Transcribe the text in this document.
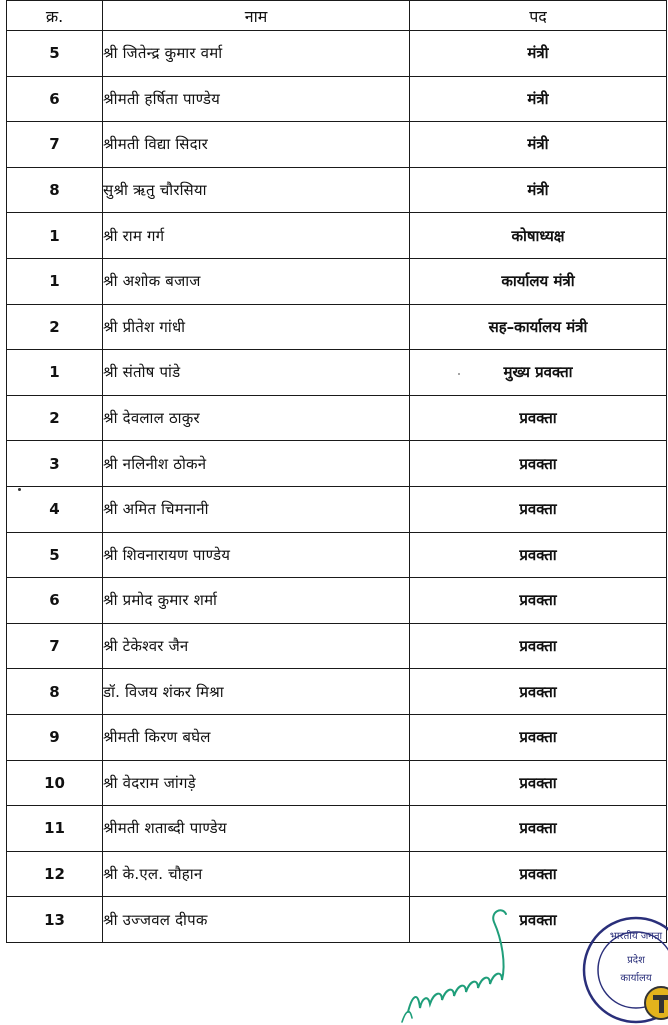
क्र.	नाम	पद
5	श्री जितेन्द्र कुमार वर्मा	मंत्री
6	श्रीमती हर्षिता पाण्डेय	मंत्री
7	श्रीमती विद्या सिदार	मंत्री
8	सुश्री ऋतु चौरसिया	मंत्री
1	श्री राम गर्ग	कोषाध्यक्ष
1	श्री अशोक बजाज	कार्यालय मंत्री
2	श्री प्रीतेश गांधी	सह–कार्यालय मंत्री
1	श्री संतोष पांडे	मुख्य प्रवक्ता
2	श्री देवलाल ठाकुर	प्रवक्ता
3	श्री नलिनीश ठोकने	प्रवक्ता
4	श्री अमित चिमनानी	प्रवक्ता
5	श्री शिवनारायण पाण्डेय	प्रवक्ता
6	श्री प्रमोद कुमार शर्मा	प्रवक्ता
7	श्री टेकेश्वर जैन	प्रवक्ता
8	डॉ. विजय शंकर मिश्रा	प्रवक्ता
9	श्रीमती किरण बघेल	प्रवक्ता
10	श्री वेदराम जांगड़े	प्रवक्ता
11	श्रीमती शताब्दी पाण्डेय	प्रवक्ता
12	श्री के.एल. चौहान	प्रवक्ता
13	श्री उज्जवल दीपक	प्रवक्ता
भारतीय जनता
प्रदेश
कार्यालय
